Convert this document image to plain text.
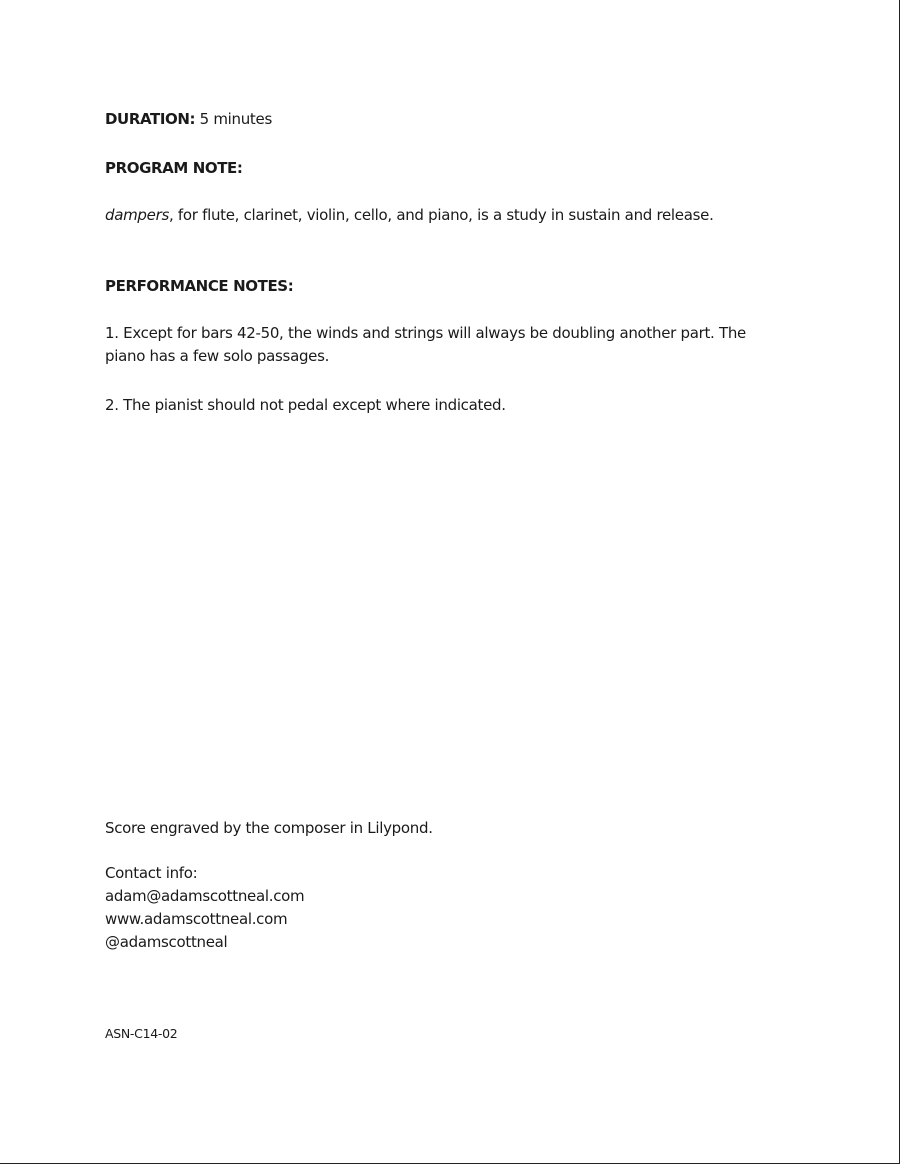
DURATION: 5 minutes
PROGRAM NOTE:
dampers, for flute, clarinet, violin, cello, and piano, is a study in sustain and release.
PERFORMANCE NOTES:
1. Except for bars 42-50, the winds and strings will always be doubling another part. The
piano has a few solo passages.
2. The pianist should not pedal except where indicated.
Score engraved by the composer in Lilypond.
Contact info:
adam@adamscottneal.com
www.adamscottneal.com
@adamscottneal
ASN-C14-02
